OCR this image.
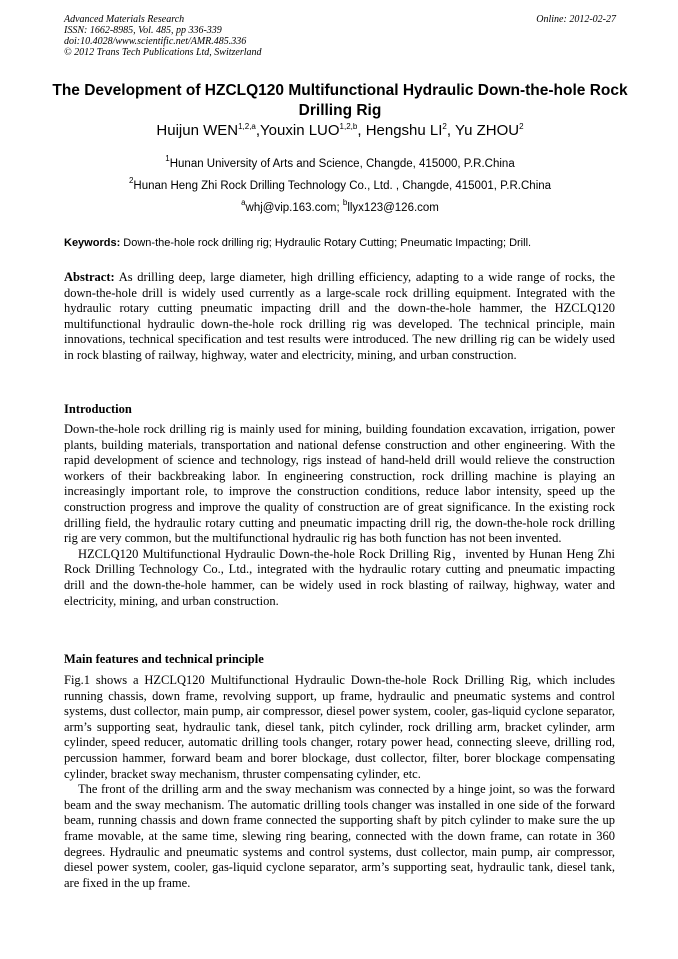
Advanced Materials Research	Online: 2012-02-27
ISSN: 1662-8985, Vol. 485, pp 336-339
doi:10.4028/www.scientific.net/AMR.485.336
© 2012 Trans Tech Publications Ltd, Switzerland
The Development of HZCLQ120 Multifunctional Hydraulic Down-the-hole Rock Drilling Rig
Huijun WEN$^{1,2,a}$,Youxin LUO$^{1,2,b}$, Hengshu $LI^2$, Yu ZHOU$^2$
$^1$Hunan University of Arts and Science, Changde, 415000, P.R.China
$^2$Hunan Heng Zhi Rock Drilling Technology Co., Ltd. , Changde, 415001, P.R.China
$^a$whj@vip.163.com; $^b$llyx123@126.com
Keywords: Down-the-hole rock drilling rig; Hydraulic Rotary Cutting; Pneumatic Impacting; Drill.
Abstract: As drilling deep, large diameter, high drilling efficiency, adapting to a wide range of rocks, the down-the-hole drill is widely used currently as a large-scale rock drilling equipment. Integrated with the hydraulic rotary cutting pneumatic impacting drill and the down-the-hole hammer, the HZCLQ120 multifunctional hydraulic down-the-hole rock drilling rig was developed. The technical principle, main innovations, technical specification and test results were introduced. The new drilling rig can be widely used in rock blasting of railway, highway, water and electricity, mining, and urban construction.
Introduction

Down-the-hole rock drilling rig is mainly used for mining, building foundation excavation, irrigation, power plants, building materials, transportation and national defense construction and other engineering. With the rapid development of science and technology, rigs instead of hand-held drill would relieve the construction workers of their backbreaking labor. In engineering construction, rock drilling machine is playing an increasingly important role, to improve the construction conditions, reduce labor intensity, speed up the construction progress and improve the quality of construction are of great significance. In the existing rock drilling field, the hydraulic rotary cutting and pneumatic impacting drill rig, the down-the-hole rock drilling rig are very common, but the multifunctional hydraulic rig has both function has not been invented.

HZCLQ120 Multifunctional Hydraulic Down-the-hole Rock Drilling Rig，invented by Hunan Heng Zhi Rock Drilling Technology Co., Ltd., integrated with the hydraulic rotary cutting and pneumatic impacting drill and the down-the-hole hammer, can be widely used in rock blasting of railway, highway, water and electricity, mining, and urban construction.

Main features and technical principle

Fig.1 shows a HZCLQ120 Multifunctional Hydraulic Down-the-hole Rock Drilling Rig, which includes running chassis, down frame, revolving support, up frame, hydraulic and pneumatic systems and control systems, dust collector, main pump, air compressor, diesel power system, cooler, gas-liquid cyclone separator, arm’s supporting seat, hydraulic tank, diesel tank, pitch cylinder, rock drilling arm, bracket cylinder, arm cylinder, speed reducer, automatic drilling tools changer, rotary power head, connecting sleeve, drilling rod, percussion hammer, forward beam and borer blockage, dust collector, filter, borer blockage compensating cylinder, bracket sway mechanism, thruster compensating cylinder, etc.

The front of the drilling arm and the sway mechanism was connected by a hinge joint, so was the forward beam and the sway mechanism. The automatic drilling tools changer was installed in one side of the forward beam, running chassis and down frame connected the supporting shaft by pitch cylinder to make sure the up frame movable, at the same time, slewing ring bearing, connected with the down frame, can rotate in 360 degrees. Hydraulic and pneumatic systems and control systems, dust collector, main pump, air compressor, diesel power system, cooler, gas-liquid cyclone separator, arm’s supporting seat, hydraulic tank, diesel tank, are fixed in the up frame.
